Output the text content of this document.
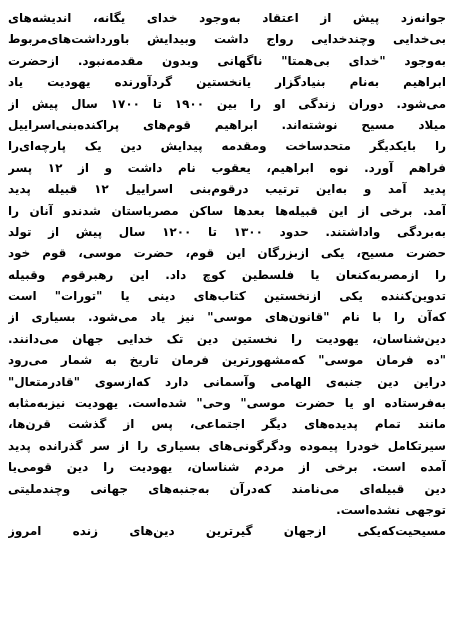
جوانه‌زد پیش از اعتقاد به‌وجود خدای یگانه، اندیشه‌های
بی‌خدایی وچندخدایی رواج داشت وبیدایش باورداشت‌های‌مربوط
به‌وجود "خدای بی‌همتا" ناگهانی وبدون مقدمه‌نبود. ازحضرت
ابراهیم به‌نام بنیادگزار یانخستین گرد‌آورنده یهودیت یاد
می‌شود. دوران زندگی او را بین ۱۹۰۰ تا ۱۷۰۰ سال پیش از
میلاد مسیح نوشته‌اند. ابراهیم قوم‌های پراکنده‌بنی‌اسراییل
را بایکدیگر متحدساخت ومقدمه‌ پیدایش دین یک پارچه‌ای‌را
فراهم آورد. نوه‌ ابراهیم، یعقوب نام داشت‌ و از ۱۲ پسر
پدید آمد و به‌این ترتیب درقوم‌بنی اسراییل ۱۲ قبیله پدید
آمد. برخی از این قبیله‌ها بعدها ساکن مصرباستان شدند‌و آنان‌ را
به‌بردگی واداشتند. حدود ۱۳۰۰ تا ۱۲۰۰ سال پیش‌ از تولد
حضرت مسیح، یکی ازبزرگان این قوم، حضرت موسی، قوم خود
را ازمصربه‌کنعان یا فلسطین کوچ داد. این رهبرقوم وقبیله
تدوین‌کننده‌ یکی ازنخستین کتاب‌های دینی یا "تورات" است
که‌آن را با نام "قانون‌های موسی" نیز یاد می‌شود. بسیاری از
دین‌شناسان، یهودیت را نخستین دین تک خدایی جهان می‌دانند.
"ده فرمان موسی" که‌مشهورترین فرمان تاریخ به شمار می‌رود
دراین دین جنبه‌ی الهامی وآسمانی دارد که‌ازسوی "قادرمتعال"
به‌فرستاده‌ او یا حضرت موسی" وحی" شده‌است. یهودیت نیز‌به‌مثابه
مانند تمام پدیده‌های دیگر اجتماعی، پس از گذشت قرن‌ها،
سیرتکامل خودرا پیموده ودگرگونی‌های بسیاری را از سر گذرانده پدید
آمده است. برخی از مردم شناسان، یهودیت را دین قومی‌یا
دین قبیله‌ای می‌نامند که‌درآن به‌جنبه‌های جهانی وچندملیتی
توجهی نشده‌است.
مسیحیت‌که‌یکی ازجهان گیرترین دین‌های زنده‌ امروز
